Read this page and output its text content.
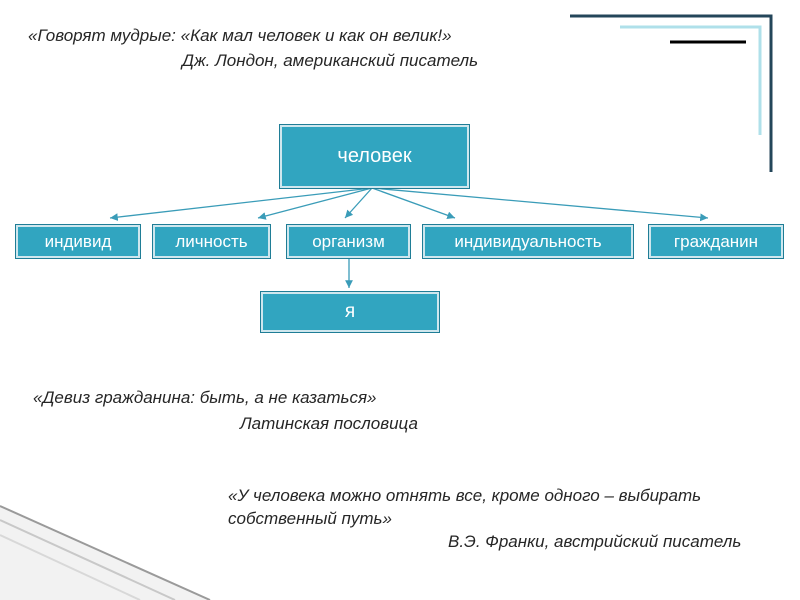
«Говорят мудрые: «Как мал человек и как он велик!»

Дж. Лондон, американский писатель

человек
индивид	личность	организм	индивидуальность	гражданин
я

«Девиз гражданина: быть, а не казаться»

Латинская пословица

«У человека можно отнять все, кроме одного – выбирать

собственный путь»

В.Э. Франки, австрийский писатель
